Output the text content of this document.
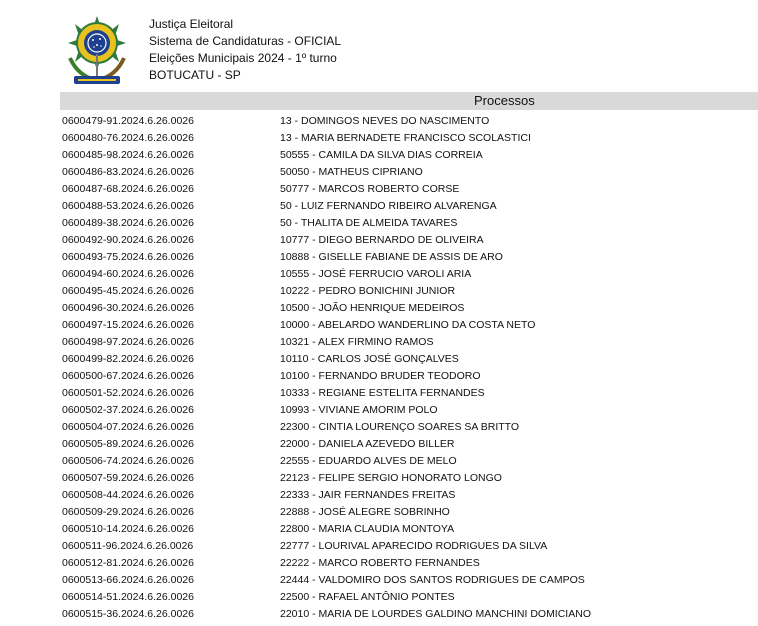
Justiça Eleitoral
Sistema de Candidaturas - OFICIAL
Eleições Municipais 2024 - 1º turno
BOTUCATU - SP
Processos
0600479-91.2024.6.26.0026	13 - DOMINGOS NEVES DO NASCIMENTO
0600480-76.2024.6.26.0026	13 - MARIA BERNADETE FRANCISCO SCOLASTICI
0600485-98.2024.6.26.0026	50555 - CAMILA DA SILVA DIAS CORREIA
0600486-83.2024.6.26.0026	50050 - MATHEUS CIPRIANO
0600487-68.2024.6.26.0026	50777 - MARCOS ROBERTO CORSE
0600488-53.2024.6.26.0026	50 - LUIZ FERNANDO RIBEIRO ALVARENGA
0600489-38.2024.6.26.0026	50 - THALITA DE ALMEIDA TAVARES
0600492-90.2024.6.26.0026	10777 - DIEGO BERNARDO DE OLIVEIRA
0600493-75.2024.6.26.0026	10888 - GISELLE FABIANE DE ASSIS DE ARO
0600494-60.2024.6.26.0026	10555 - JOSÉ FERRUCIO VAROLI ARIA
0600495-45.2024.6.26.0026	10222 - PEDRO BONICHINI JUNIOR
0600496-30.2024.6.26.0026	10500 - JOÃO HENRIQUE MEDEIROS
0600497-15.2024.6.26.0026	10000 - ABELARDO WANDERLINO DA COSTA NETO
0600498-97.2024.6.26.0026	10321 - ALEX FIRMINO RAMOS
0600499-82.2024.6.26.0026	10110 - CARLOS JOSÉ GONÇALVES
0600500-67.2024.6.26.0026	10100 - FERNANDO BRUDER TEODORO
0600501-52.2024.6.26.0026	10333 - REGIANE ESTELITA FERNANDES
0600502-37.2024.6.26.0026	10993 - VIVIANE AMORIM POLO
0600504-07.2024.6.26.0026	22300 - CINTIA LOURENÇO SOARES SA BRITTO
0600505-89.2024.6.26.0026	22000 - DANIELA AZEVEDO BILLER
0600506-74.2024.6.26.0026	22555 - EDUARDO ALVES DE MELO
0600507-59.2024.6.26.0026	22123 - FELIPE SERGIO HONORATO LONGO
0600508-44.2024.6.26.0026	22333 - JAIR FERNANDES FREITAS
0600509-29.2024.6.26.0026	22888 - JOSÉ ALEGRE SOBRINHO
0600510-14.2024.6.26.0026	22800 - MARIA CLAUDIA MONTOYA
0600511-96.2024.6.26.0026	22777 - LOURIVAL APARECIDO RODRIGUES DA SILVA
0600512-81.2024.6.26.0026	22222 - MARCO ROBERTO FERNANDES
0600513-66.2024.6.26.0026	22444 - VALDOMIRO DOS SANTOS RODRIGUES DE CAMPOS
0600514-51.2024.6.26.0026	22500 - RAFAEL ANTÔNIO PONTES
0600515-36.2024.6.26.0026	22010 - MARIA DE LOURDES GALDINO MANCHINI DOMICIANO
